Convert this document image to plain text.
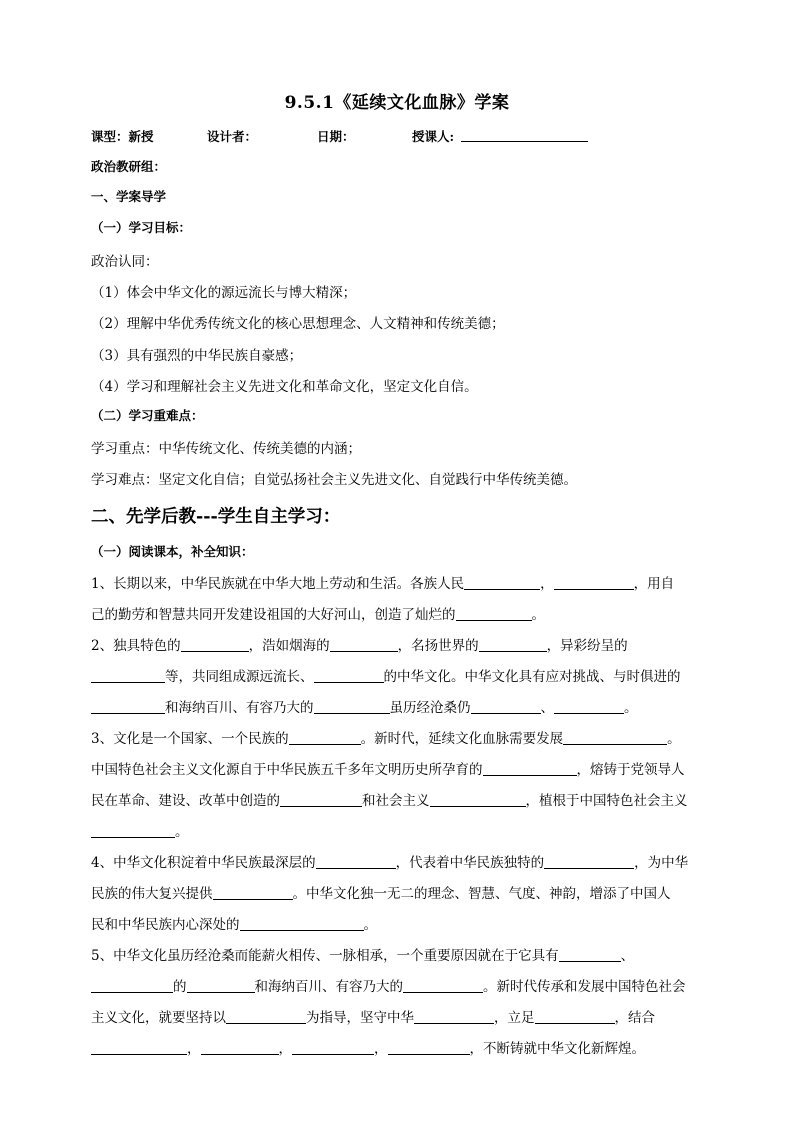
9.5.1《延续文化血脉》学案
课型：新授	设计者：	日期：	授课人:
政治教研组：
一、学案导学
（一）学习目标：
政治认同：
（1）体会中华文化的源远流长与博大精深；
（2）理解中华优秀传统文化的核心思想理念、人文精神和传统美德；
（3）具有强烈的中华民族自豪感；
（4）学习和理解社会主义先进文化和革命文化，坚定文化自信。
（二）学习重难点：
学习重点：中华传统文化、传统美德的内涵；
学习难点：坚定文化自信；自觉弘扬社会主义先进文化、自觉践行中华传统美德。
二、先学后教---学生自主学习：
（一）阅读课本，补全知识：
1、长期以来，中华民族就在中华大地上劳动和生活。各族人民	，	，用自
己的勤劳和智慧共同开发建设祖国的大好河山，创造了灿烂的	。
2、独具特色的	，浩如烟海的	，名扬世界的	，异彩纷呈的
等，共同组成源远流长、	的中华文化。中华文化具有应对挑战、与时俱进的
和海纳百川、有容乃大的	虽历经沧桑仍	、	。
3、文化是一个国家、一个民族的	。新时代，延续文化血脉需要发展	。
中国特色社会主义文化源自于中华民族五千多年文明历史所孕育的	，熔铸于党领导人
民在革命、建设、改革中创造的	和社会主义	，植根于中国特色社会主义
。
4、中华文化积淀着中华民族最深层的	，代表着中华民族独特的	，为中华
民族的伟大复兴提供	。中华文化独一无二的理念、智慧、气度、神韵，增添了中国人
民和中华民族内心深处的	。
5、中华文化虽历经沧桑而能薪火相传、一脉相承，一个重要原因就在于它具有	、
的	和海纳百川、有容乃大的	。新时代传承和发展中国特色社会
主义文化，就要坚持以	为指导，坚守中华	，立足	，结合
，	，	，	，不断铸就中华文化新辉煌。
